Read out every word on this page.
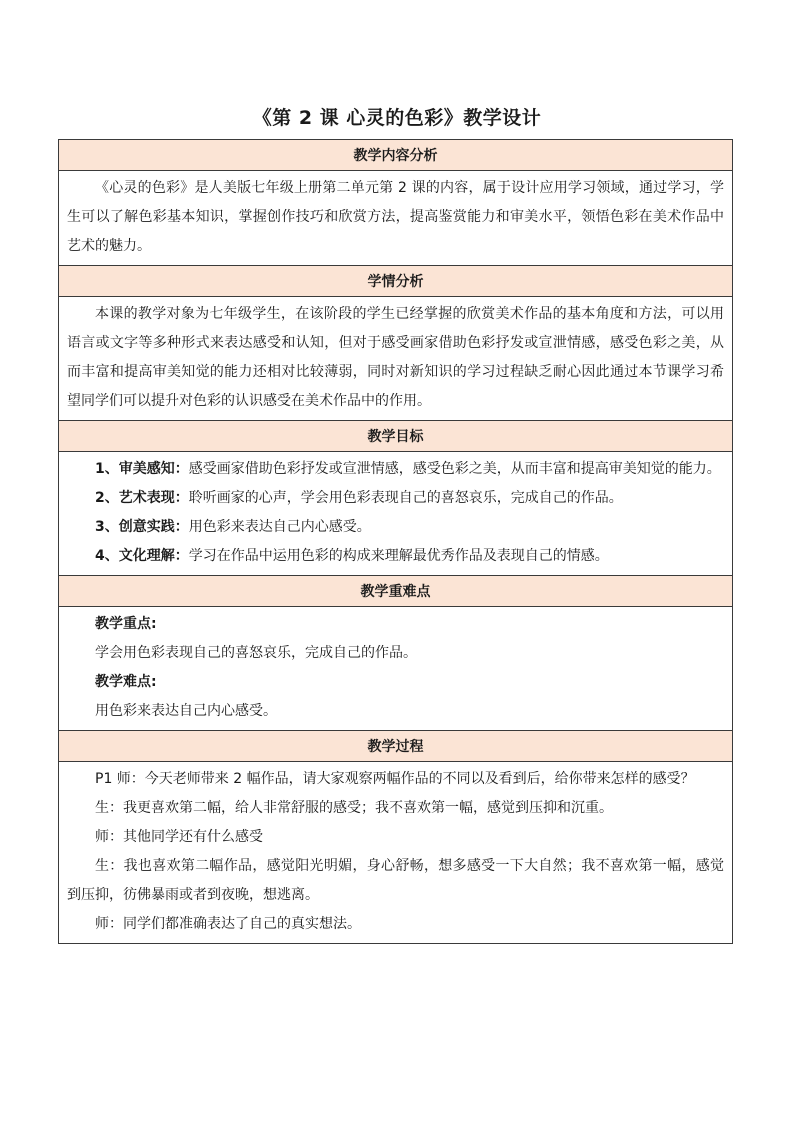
《第 2 课 心灵的色彩》教学设计
教学内容分析

《心灵的色彩》是人美版七年级上册第二单元第 2 课的内容，属于设计应用学习领域，通过学习，学生可以了解色彩基本知识，掌握创作技巧和欣赏方法，提高鉴赏能力和审美水平，领悟色彩在美术作品中艺术的魅力。

学情分析

本课的教学对象为七年级学生，在该阶段的学生已经掌握的欣赏美术作品的基本角度和方法，可以用语言或文字等多种形式来表达感受和认知，但对于感受画家借助色彩抒发或宣泄情感，感受色彩之美，从而丰富和提高审美知觉的能力还相对比较薄弱，同时对新知识的学习过程缺乏耐心因此通过本节课学习希望同学们可以提升对色彩的认识感受在美术作品中的作用。

教学目标

1、审美感知：感受画家借助色彩抒发或宣泄情感，感受色彩之美，从而丰富和提高审美知觉的能力。

2、艺术表现：聆听画家的心声，学会用色彩表现自己的喜怒哀乐，完成自己的作品。

3、创意实践：用色彩来表达自己内心感受。

4、文化理解：学习在作品中运用色彩的构成来理解最优秀作品及表现自己的情感。

教学重难点

教学重点:

学会用色彩表现自己的喜怒哀乐，完成自己的作品。

教学难点:

用色彩来表达自己内心感受。

教学过程

P1 师：今天老师带来 2 幅作品，请大家观察两幅作品的不同以及看到后，给你带来怎样的感受？

生：我更喜欢第二幅，给人非常舒服的感受；我不喜欢第一幅，感觉到压抑和沉重。

师：其他同学还有什么感受

生：我也喜欢第二幅作品，感觉阳光明媚，身心舒畅，想多感受一下大自然；我不喜欢第一幅，感觉到压抑，彷佛暴雨或者到夜晚，想逃离。

师：同学们都准确表达了自己的真实想法。
